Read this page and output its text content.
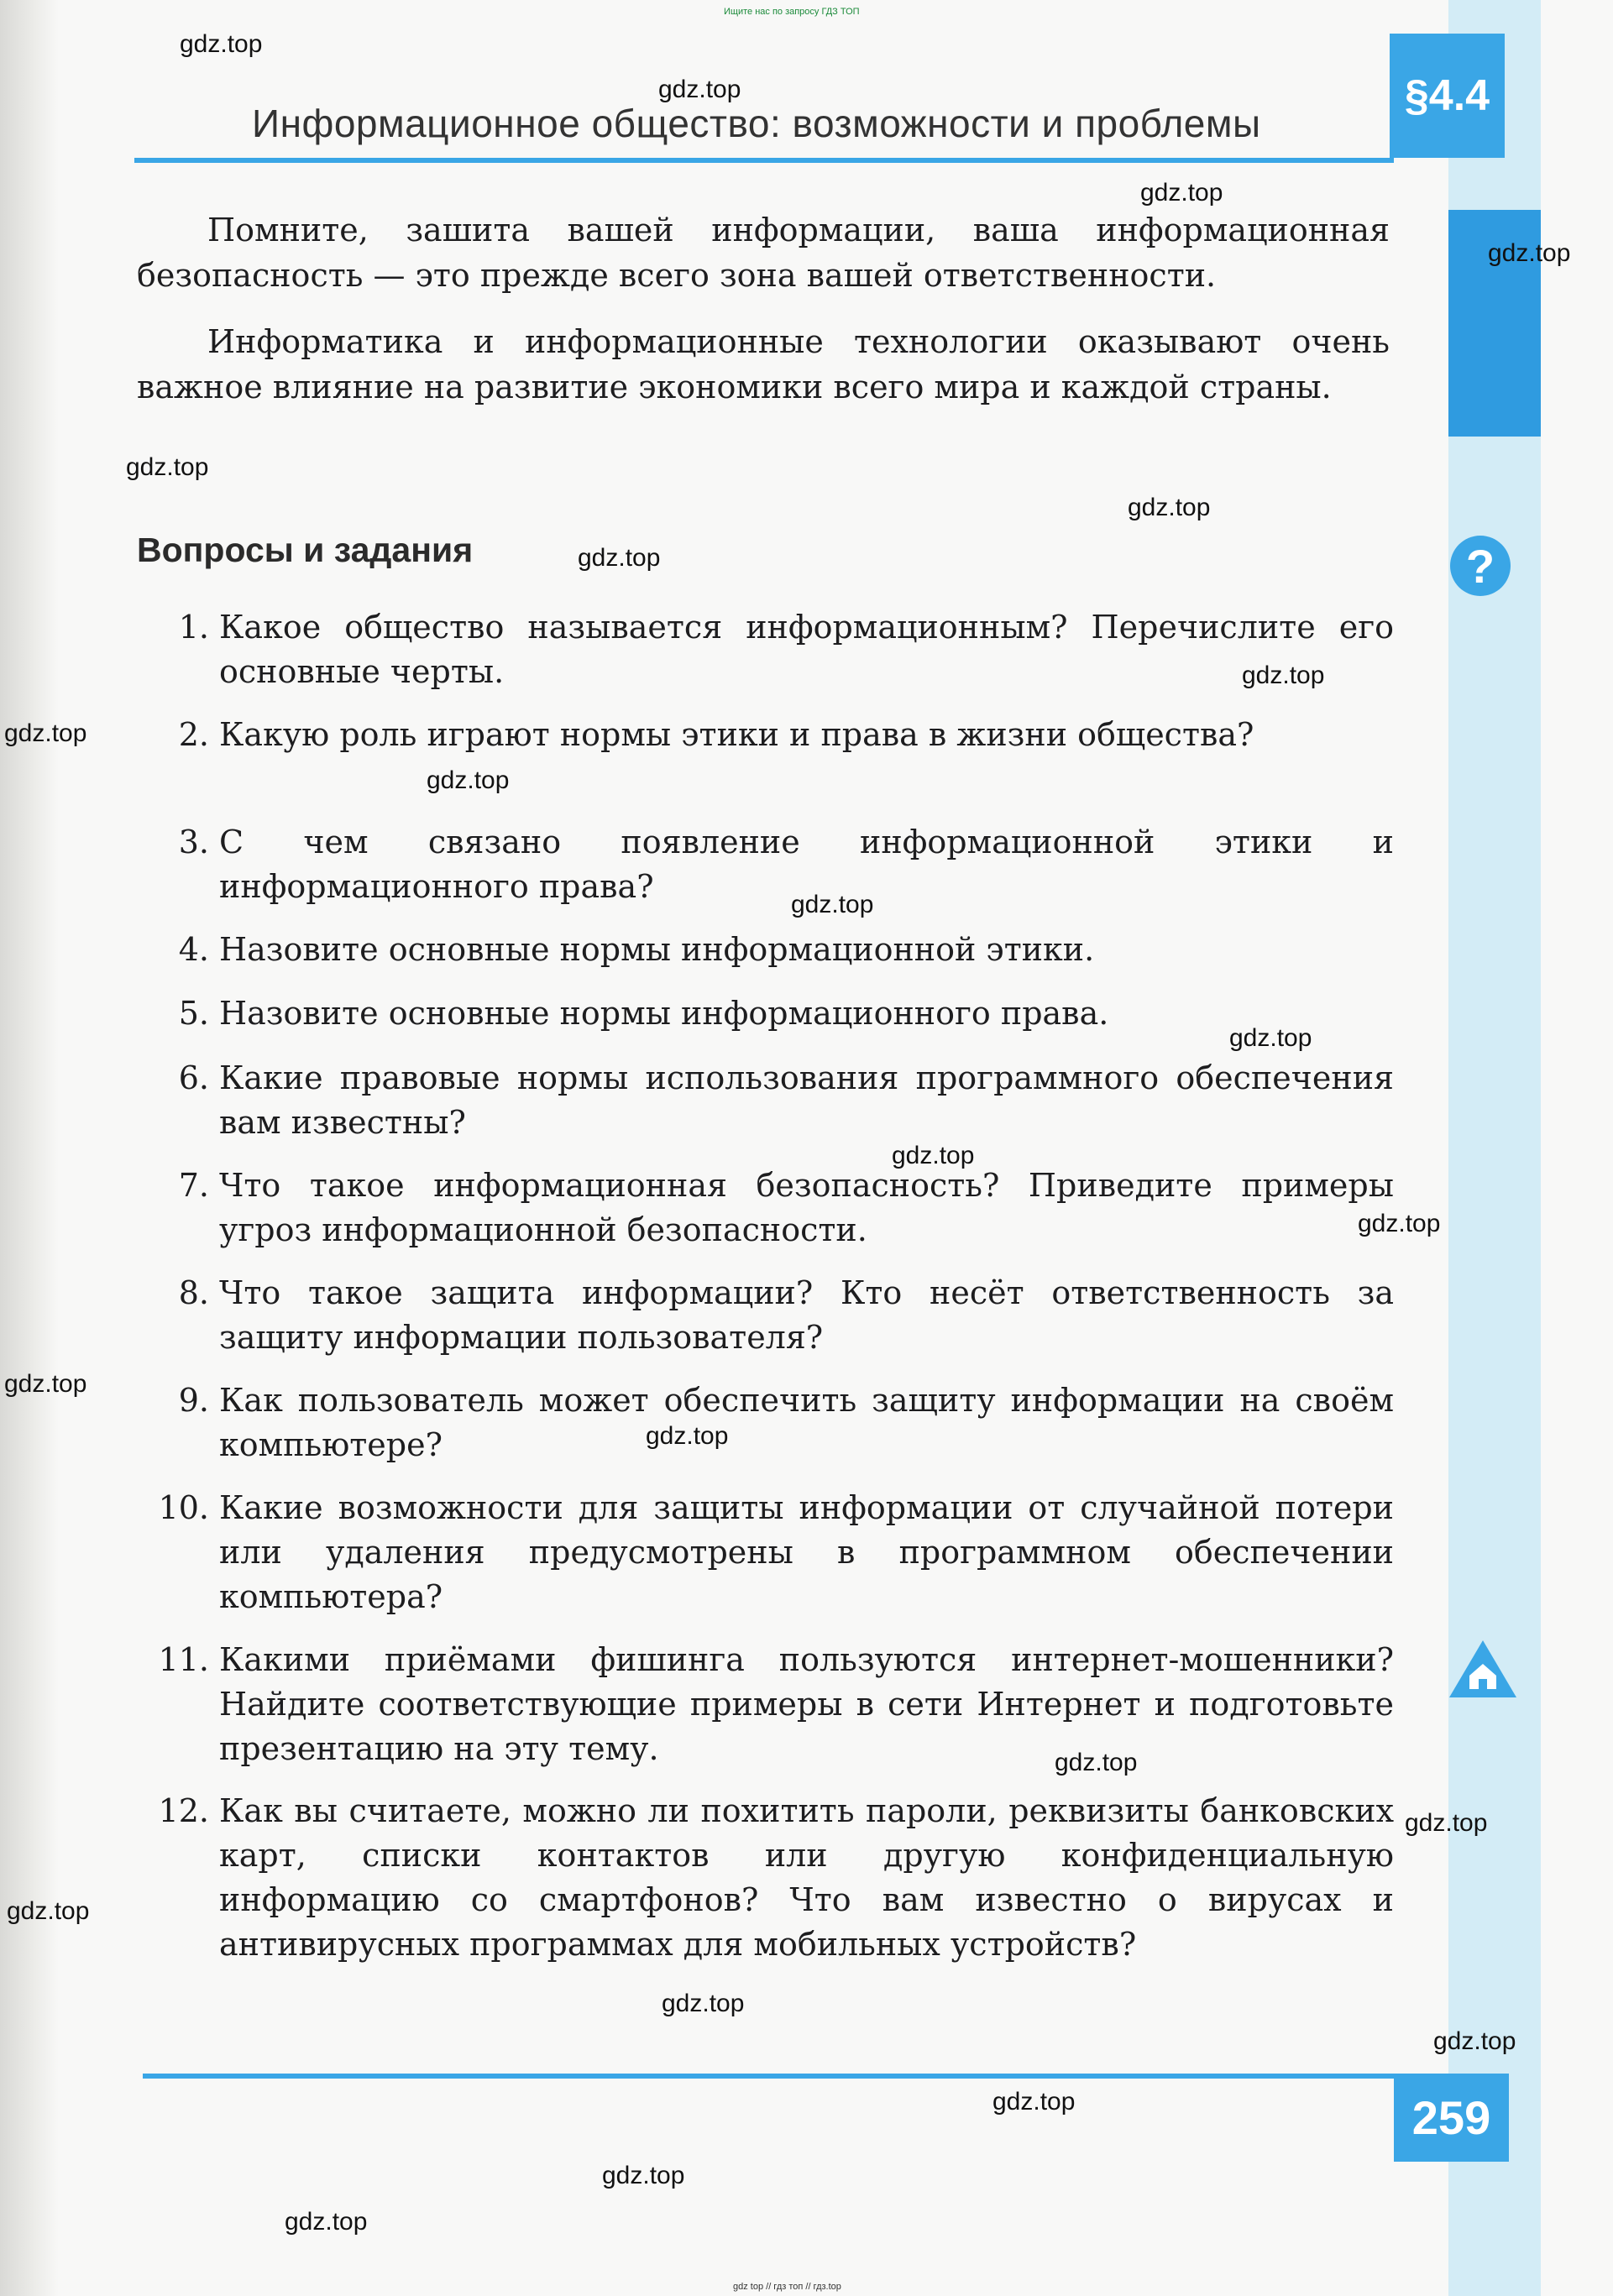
Ищите нас по запросу ГДЗ ТОП
Информационное общество: возможности и проблемы
§4.4
Помните, зашита вашей информации, ваша информационная безопасность — это прежде всего зона вашей ответственности.
Информатика и информационные технологии оказывают очень важное влияние на развитие экономики всего мира и каждой страны.
Вопросы и задания
1. Какое общество называется информационным? Перечислите его основные черты.
2. Какую роль играют нормы этики и права в жизни общества?
3. С чем связано появление информационной этики и информационного права?
4. Назовите основные нормы информационной этики.
5. Назовите основные нормы информационного права.
6. Какие правовые нормы использования программного обеспечения вам известны?
7. Что такое информационная безопасность? Приведите примеры угроз информационной безопасности.
8. Что такое защита информации? Кто несёт ответственность за защиту информации пользователя?
9. Как пользователь может обеспечить защиту информации на своём компьютере?
10. Какие возможности для защиты информации от случайной потери или удаления предусмотрены в программном обеспечении компьютера?
11. Какими приёмами фишинга пользуются интернет-мошенники? Найдите соответствующие примеры в сети Интернет и подготовьте презентацию на эту тему.
12. Как вы считаете, можно ли похитить пароли, реквизиты банковских карт, списки контактов или другую конфиденциальную информацию со смартфонов? Что вам известно о вирусах и антивирусных программах для мобильных устройств?
?
259
gdz.top
gdz.top
gdz.top
gdz.top
gdz.top
gdz.top
gdz.top
gdz.top
gdz.top
gdz.top
gdz.top
gdz.top
gdz.top
gdz.top
gdz.top
gdz.top
gdz.top
gdz.top
gdz.top
gdz.top
gdz.top
gdz.top
gdz.top
gdz.top
gdz top // гдз топ // гдз.top
